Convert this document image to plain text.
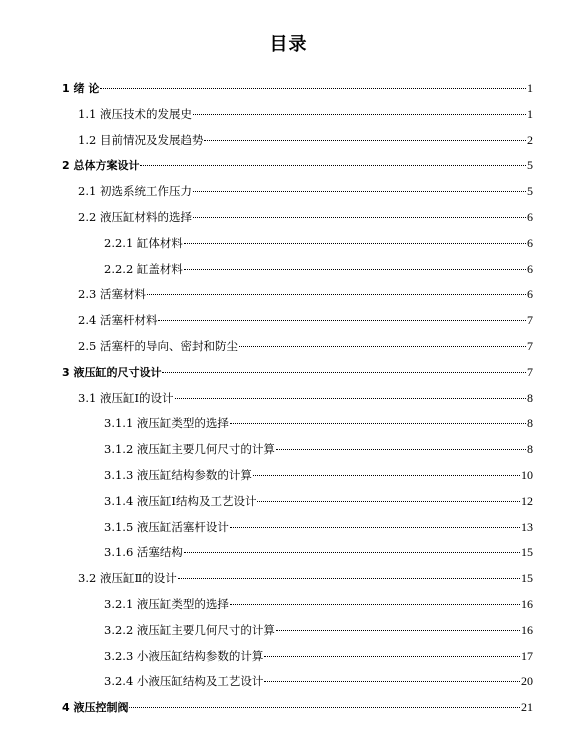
目录
1 绪 论	1
1.1 液压技术的发展史	1
1.2 目前情况及发展趋势	2
2 总体方案设计	5
2.1 初选系统工作压力	5
2.2 液压缸材料的选择	6
2.2.1 缸体材料	6
2.2.2 缸盖材料	6
2.3 活塞材料	6
2.4 活塞杆材料	7
2.5 活塞杆的导向、密封和防尘	7
3 液压缸的尺寸设计	7
3.1 液压缸Ⅰ的设计	8
3.1.1 液压缸类型的选择	8
3.1.2 液压缸主要几何尺寸的计算	8
3.1.3 液压缸结构参数的计算	10
3.1.4 液压缸Ⅰ结构及工艺设计	12
3.1.5 液压缸活塞杆设计	13
3.1.6 活塞结构	15
3.2 液压缸Ⅱ的设计	15
3.2.1 液压缸类型的选择	16
3.2.2 液压缸主要几何尺寸的计算	16
3.2.3 小液压缸结构参数的计算	17
3.2.4 小液压缸结构及工艺设计	20
4 液压控制阀	21
